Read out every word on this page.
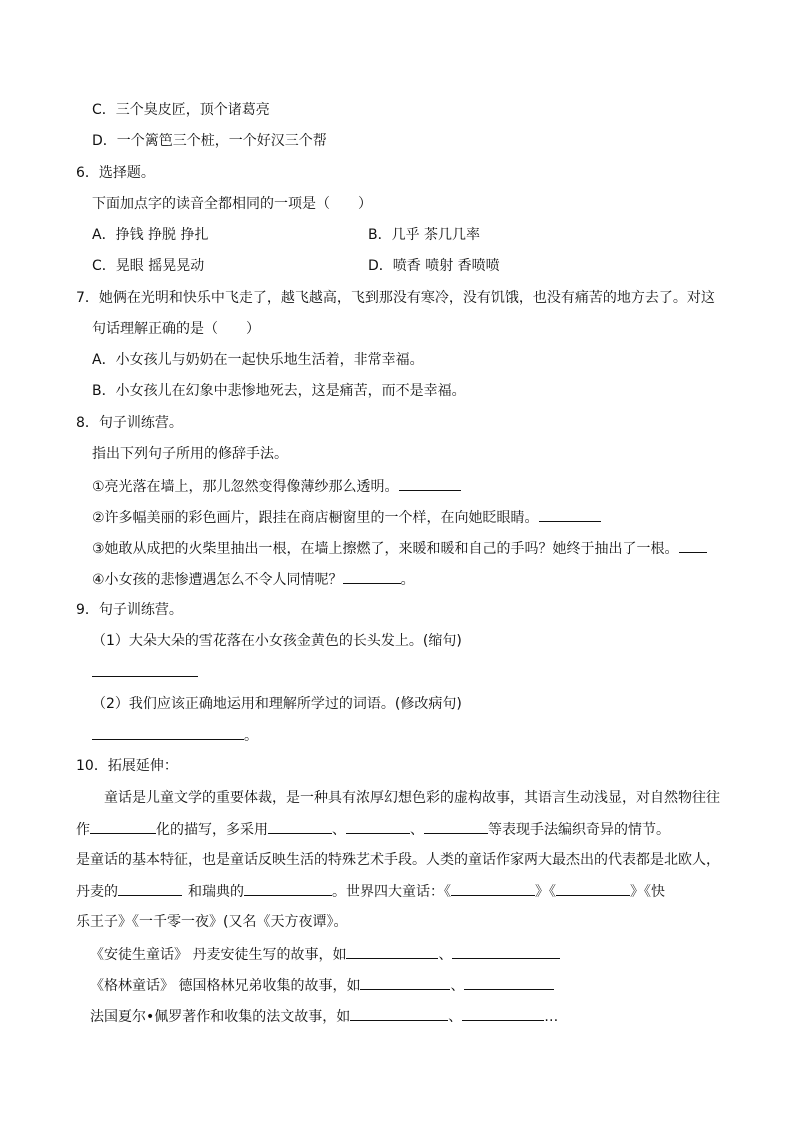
C．三个臭皮匠，顶个诸葛亮
D．一个篱笆三个桩，一个好汉三个帮
6．选择题。
下面加点字的读音全都相同的一项是（　　）
A．挣钱 挣脱 挣扎	B．几乎 茶几几率
C．晃眼 摇晃晃动	D．喷香 喷射 香喷喷
7．她俩在光明和快乐中飞走了，越飞越高，飞到那没有寒冷，没有饥饿，也没有痛苦的地方去了。对这
句话理解正确的是（　　）
A．小女孩儿与奶奶在一起快乐地生活着，非常幸福。
B．小女孩儿在幻象中悲惨地死去，这是痛苦，而不是幸福。
8．句子训练营。
指出下列句子所用的修辞手法。
①亮光落在墙上，那儿忽然变得像薄纱那么透明。
②许多幅美丽的彩色画片，跟挂在商店橱窗里的一个样，在向她眨眼睛。
③她敢从成把的火柴里抽出一根，在墙上擦燃了，来暖和暖和自己的手吗？她终于抽出了一根。
④小女孩的悲惨遭遇怎么不令人同情呢？	。
9．句子训练营。
（1）大朵大朵的雪花落在小女孩金黄色的长头发上。(缩句)
（2）我们应该正确地运用和理解所学过的词语。(修改病句)
。
10．拓展延伸：
童话是儿童文学的重要体裁，是一种具有浓厚幻想色彩的虚构故事，其语言生动浅显，对自然物往往
作	化的描写，多采用	、	、	等表现手法编织奇异的情节。
是童话的基本特征，也是童话反映生活的特殊艺术手段。人类的童话作家两大最杰出的代表都是北欧人，
丹麦的	和瑞典的	。世界四大童话：《	》《	》《快
乐王子》《一千零一夜》(又名《天方夜谭》。
《安徒生童话》 丹麦安徒生写的故事，如	、
《格林童话》 德国格林兄弟收集的故事，如	、
法国夏尔•佩罗著作和收集的法文故事，如	、	…
